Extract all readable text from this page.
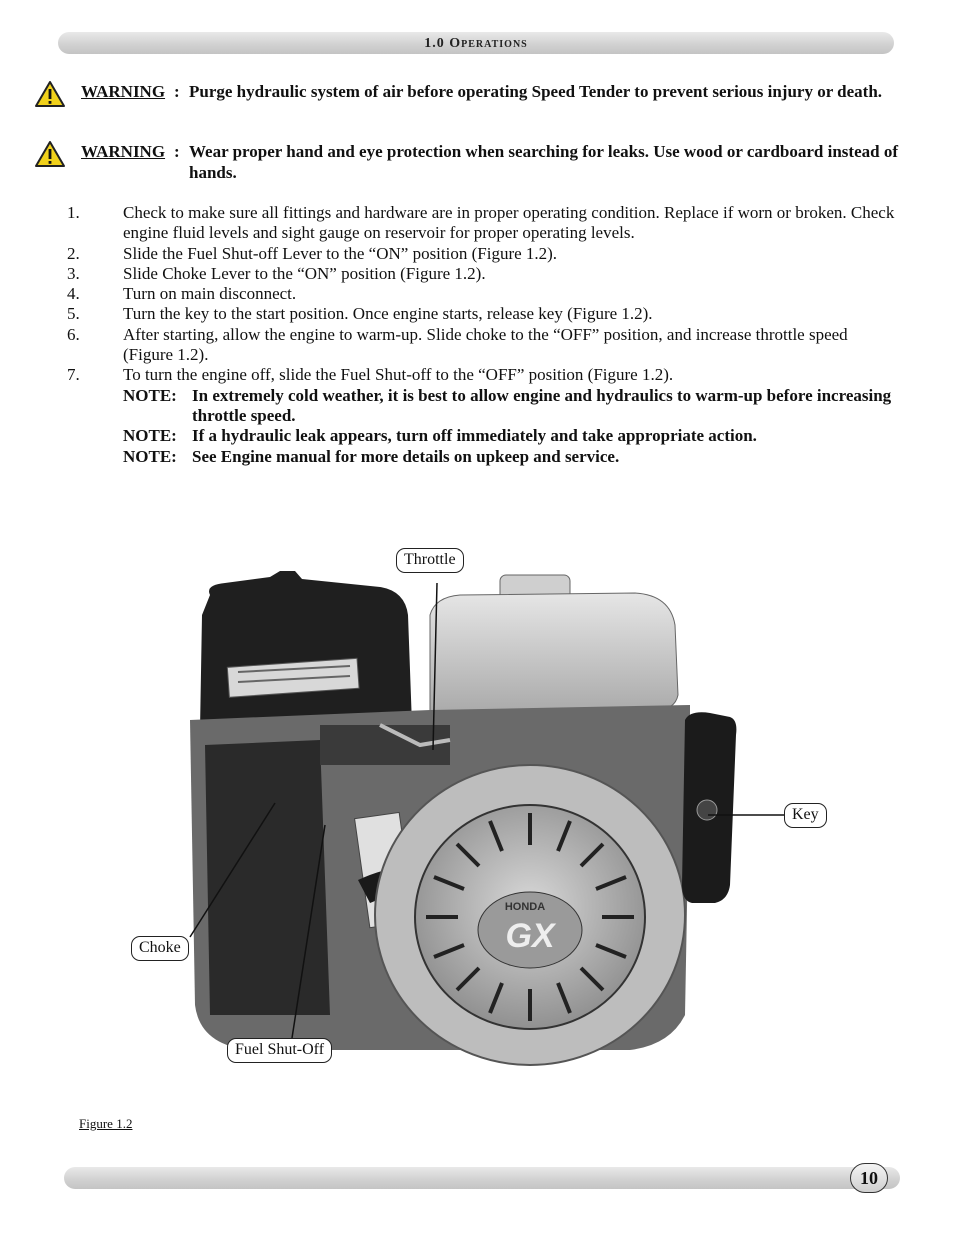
1.0 Operations
WARNING : Purge hydraulic system of air before operating Speed Tender to prevent serious injury or death.
WARNING : Wear proper hand and eye protection when searching for leaks. Use wood or cardboard instead of hands.
1.	Check to make sure all fittings and hardware are in proper operating condition. Replace if worn or broken. Check engine fluid levels and sight gauge on reservoir for proper operating levels.
2.	Slide the Fuel Shut-off Lever to the “ON” position (Figure 1.2).
3.	Slide Choke Lever to the “ON” position (Figure 1.2).
4.	Turn on main disconnect.
5.	Turn the key to the start position. Once engine starts, release key (Figure 1.2).
6.	After starting, allow the engine to warm-up. Slide choke to the “OFF” position, and increase throttle speed (Figure 1.2).
7.	To turn the engine off, slide the Fuel Shut-off to the “OFF” position (Figure 1.2).
NOTE: In extremely cold weather, it is best to allow engine and hydraulics to warm-up before increasing throttle speed.
NOTE: If a hydraulic leak appears, turn off immediately and take appropriate action.
NOTE: See Engine manual for more details on upkeep and service.
GX
HONDA
Throttle
Key
Choke
Fuel Shut-Off
Figure 1.2
10
